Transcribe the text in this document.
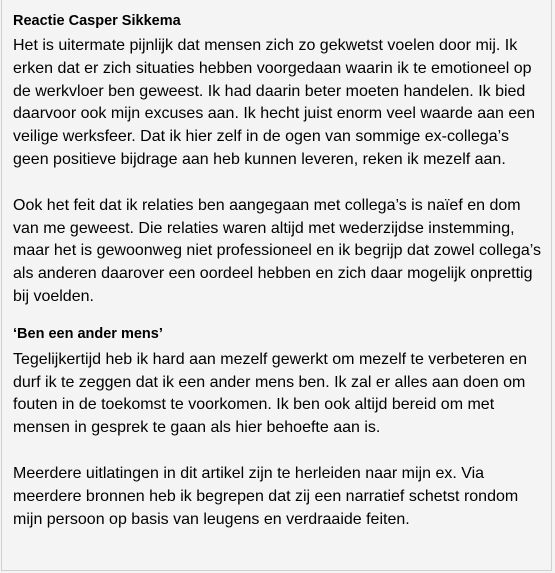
Reactie Casper Sikkema

Het is uitermate pijnlijk dat mensen zich zo gekwetst voelen door mij. Ik erken dat er zich situaties hebben voorgedaan waarin ik te emotioneel op de werkvloer ben geweest. Ik had daarin beter moeten handelen. Ik bied daarvoor ook mijn excuses aan. Ik hecht juist enorm veel waarde aan een veilige werksfeer. Dat ik hier zelf in de ogen van sommige ex-collega’s geen positieve bijdrage aan heb kunnen leveren, reken ik mezelf aan.

Ook het feit dat ik relaties ben aangegaan met collega’s is naïef en dom van me geweest. Die relaties waren altijd met wederzijdse instemming, maar het is gewoonweg niet professioneel en ik begrijp dat zowel collega’s als anderen daarover een oordeel hebben en zich daar mogelijk onprettig bij voelden.

‘Ben een ander mens’

Tegelijkertijd heb ik hard aan mezelf gewerkt om mezelf te verbeteren en durf ik te zeggen dat ik een ander mens ben. Ik zal er alles aan doen om fouten in de toekomst te voorkomen. Ik ben ook altijd bereid om met mensen in gesprek te gaan als hier behoefte aan is.

Meerdere uitlatingen in dit artikel zijn te herleiden naar mijn ex. Via meerdere bronnen heb ik begrepen dat zij een narratief schetst rondom mijn persoon op basis van leugens en verdraaide feiten.
